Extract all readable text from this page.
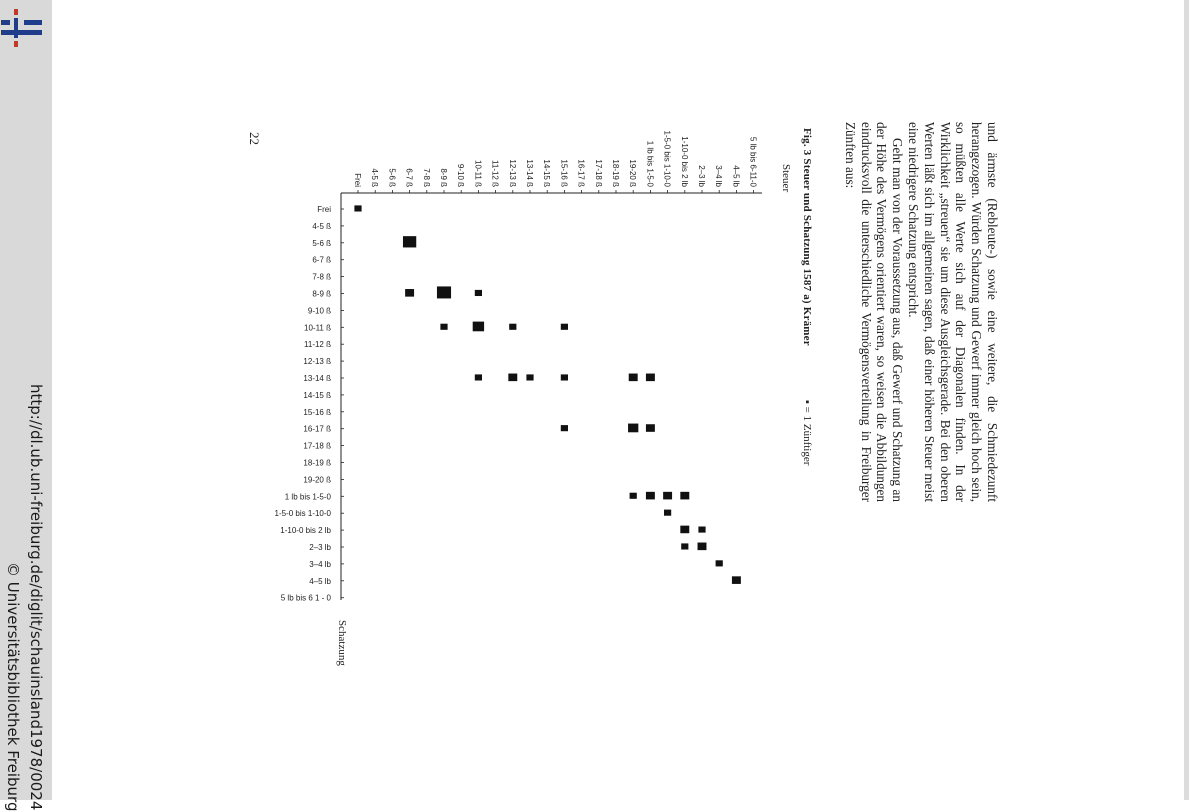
http://dl.ub.uni-freiburg.de/diglit/schauinsland1978/0024
© Universitätsbibliothek Freiburg
22	und ärmste (Rebleute-) sowie eine weitere, die Schmiedezunft herangezogen. Würden Schatzung und Gewerf immer gleich hoch sein, so müßten alle Werte sich auf der Diagonalen finden. In der Wirklichkeit „streuen“ sie um diese Ausgleichsgerade. Bei den oberen Werten läßt sich im allgemeinen sagen, daß einer höheren Steuer meist eine niedrigere Schatzung entspricht.

Geht man von der Voraussetzung aus, daß Gewerf und Schatzung an der Höhe des Vermögens orientiert waren, so weisen die Abbildungen eindrucksvoll die unterschiedliche Vermögensverteilung in Freiburger Zünften aus:

Fig. 3 Steuer und Schatzung 1587 a) Krämer
▪ = 1 Zünftiger
Steuer
Schatzung
Frei 4-5 ß 5-6 ß 6-7 ß 7-8 ß 8-9 ß 9-10 ß 10-11 ß 11-12 ß 12-13 ß 13-14 ß 14-15 ß 15-16 ß 16-17 ß 17-18 ß 18-19 ß 19-20 ß 1 lb bis 1-5-0 1-5-0 bis 1-10-0 1-10-0 bis 2 lb 2–3 lb 3–4 lb 4–5 lb 5 lb bis 6-11-0
Frei
4-5 ß
5-6 ß
6-7 ß
7-8 ß
8-9 ß
9-10 ß
10-11 ß
11-12 ß
12-13 ß
13-14 ß
14-15 ß
15-16 ß
16-17 ß
17-18 ß
18-19 ß
19-20 ß
1 lb bis 1-5-0
1-5-0 bis 1-10-0
1-10-0 bis 2 lb
2–3 lb
3–4 lb
4–5 lb
5 lb bis 6 1 - 0
